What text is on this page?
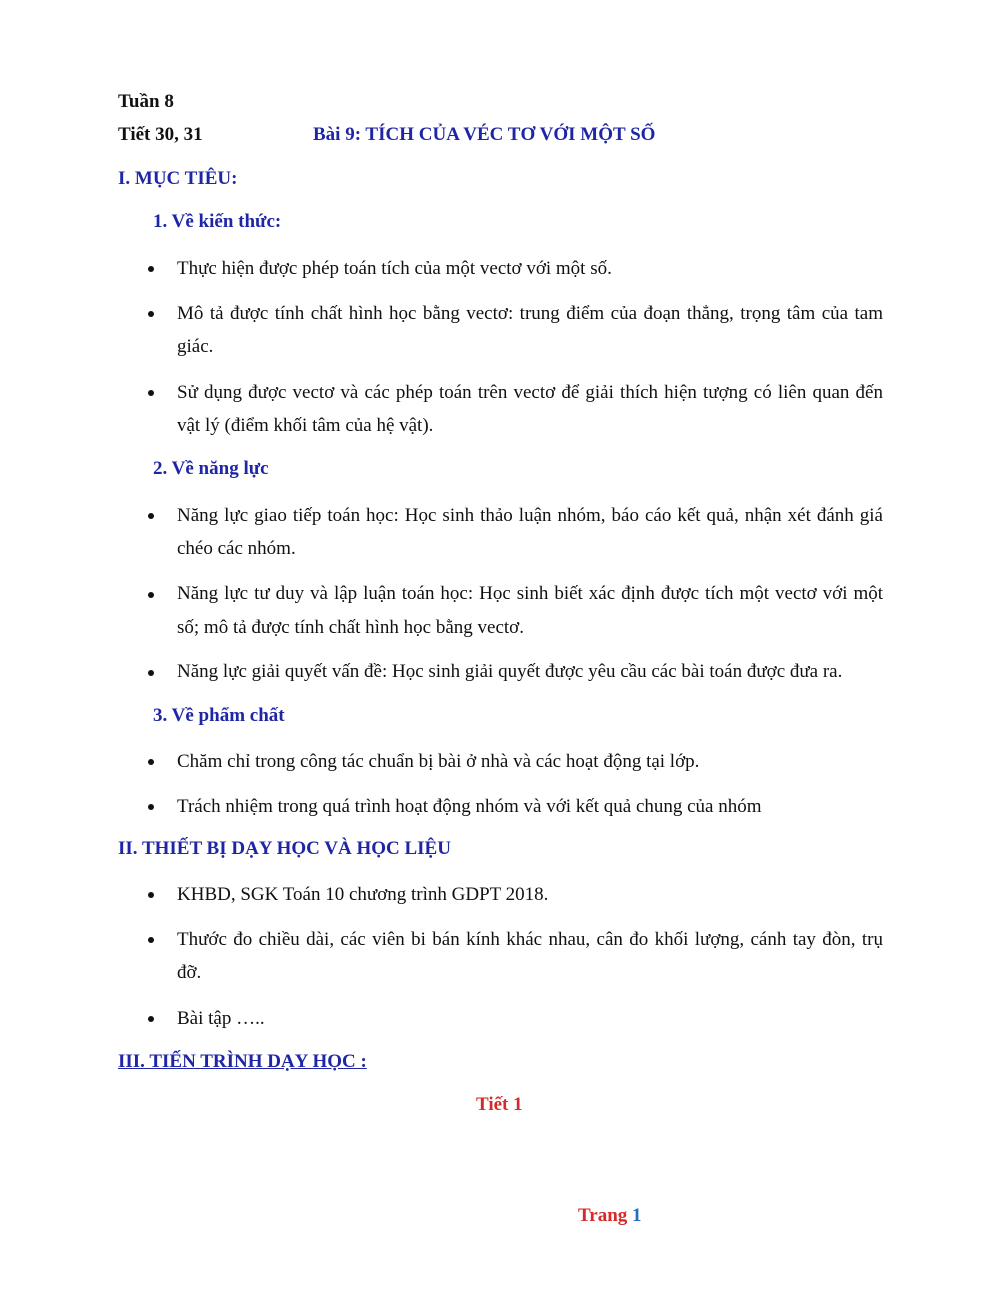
Tuần 8
Tiết 30, 31	Bài 9: TÍCH CỦA VÉC TƠ VỚI MỘT SỐ
I. MỤC TIÊU:
1. Về kiến thức:
Thực hiện được phép toán tích của một vectơ với một số.
Mô tả được tính chất hình học bằng vectơ: trung điểm của đoạn thẳng, trọng tâm của tam
giác.
Sử dụng được vectơ và các phép toán trên vectơ để giải thích hiện tượng có liên quan đến
vật lý (điểm khối tâm của hệ vật).
2. Về năng lực
Năng lực giao tiếp toán học: Học sinh thảo luận nhóm, báo cáo kết quả, nhận xét đánh giá
chéo các nhóm.
Năng lực tư duy và lập luận toán học: Học sinh biết xác định được tích một vectơ với một
số; mô tả được tính chất hình học bằng vectơ.
Năng lực giải quyết vấn đề: Học sinh giải quyết được yêu cầu các bài toán được đưa ra.
3. Về phẩm chất
Chăm chỉ trong công tác chuẩn bị bài ở nhà và các hoạt động tại lớp.
Trách nhiệm trong quá trình hoạt động nhóm và với kết quả chung của nhóm
II. THIẾT BỊ DẠY HỌC VÀ HỌC LIỆU
KHBD, SGK Toán 10 chương trình GDPT 2018.
Thước đo chiều dài, các viên bi bán kính khác nhau, cân đo khối lượng, cánh tay đòn, trụ
đỡ.
Bài tập …..
III. TIẾN TRÌNH DẠY HỌC :
Tiết 1
Trang 1
